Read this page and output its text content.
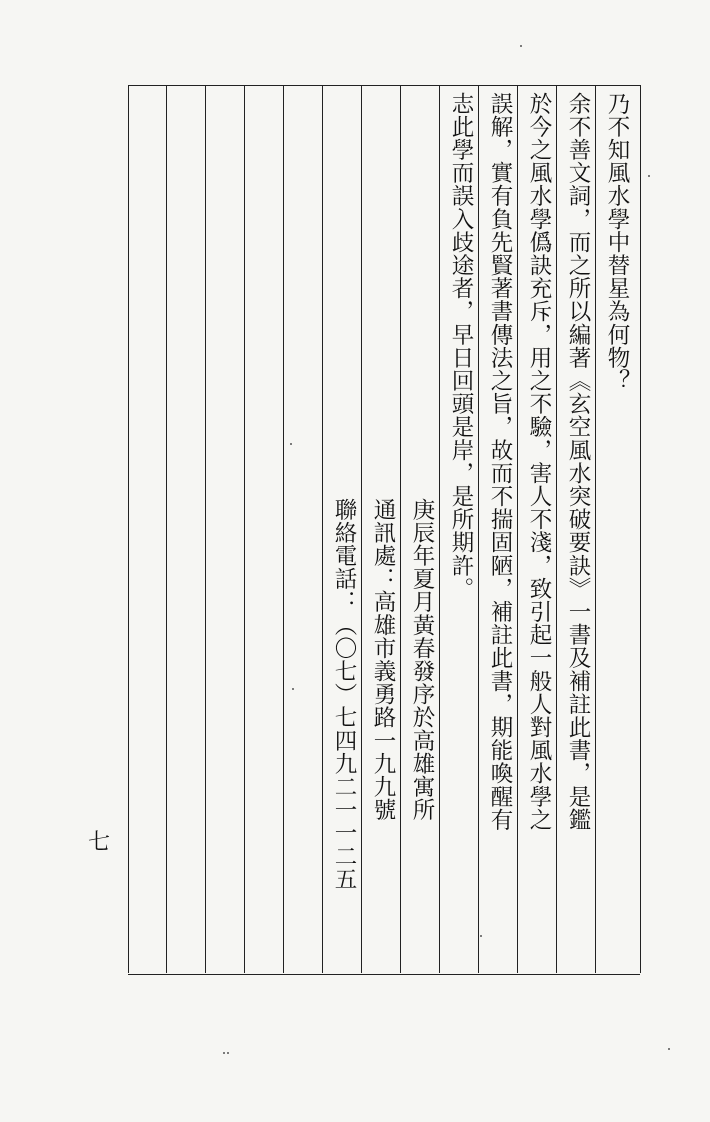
乃不知風水學中替星為何物？
余不善文詞，而之所以編著《玄空風水突破要訣》一書及補註此書，是鑑
於今之風水學僞訣充斥，用之不驗，害人不淺，致引起一般人對風水學之
誤解，實有負先賢著書傳法之旨，故而不揣固陋，補註此書，期能喚醒有
志此學而誤入歧途者，早日回頭是岸，是所期許。
庚辰年夏月黃春發序於高雄寓所
通訊處：高雄市義勇路一九九號
聯絡電話：（〇七）七四九二一一二五
七
